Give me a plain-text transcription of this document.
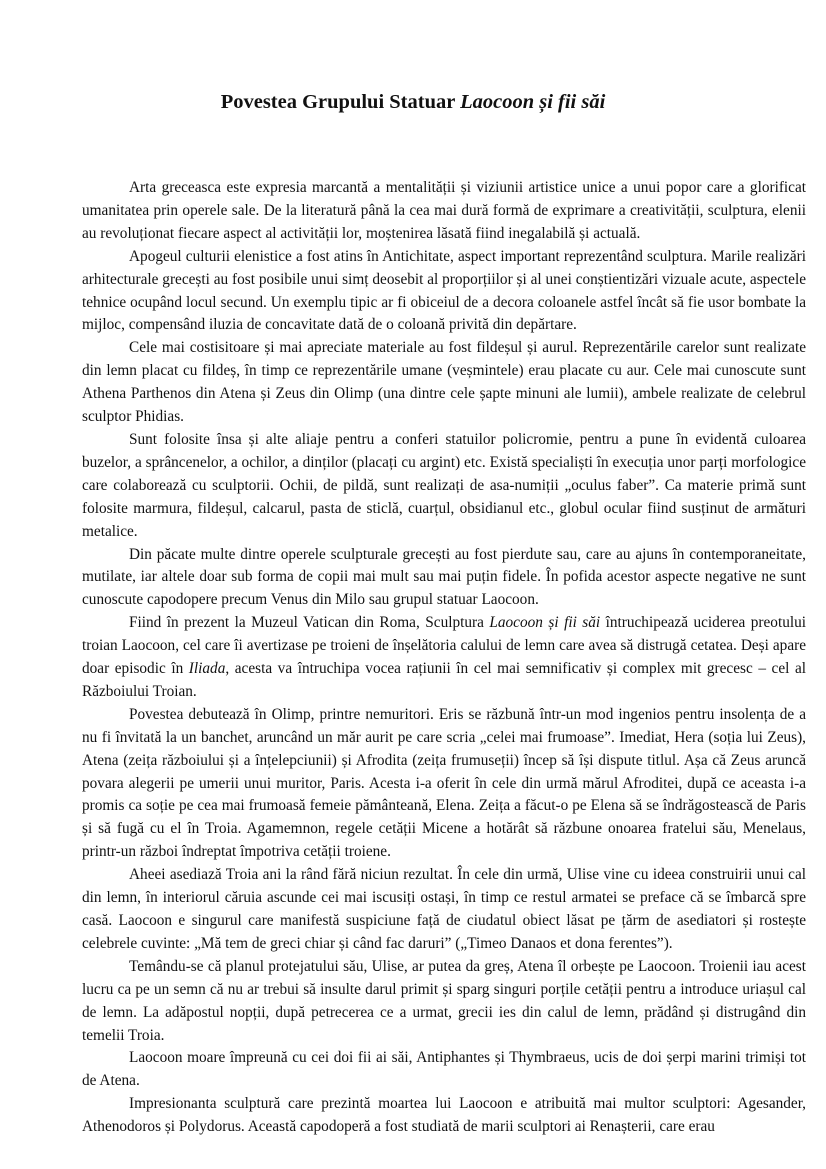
Povestea Grupului Statuar Laocoon și fii săi

Arta greceasca este expresia marcantă a mentalității și viziunii artistice unice a unui popor care a glorificat umanitatea prin operele sale. De la literatură până la cea mai dură formă de exprimare a creativității, sculptura, elenii au revoluționat fiecare aspect al activității lor, moștenirea lăsată fiind inegalabilă și actuală.

Apogeul culturii elenistice a fost atins în Antichitate, aspect important reprezentând sculptura. Marile realizări arhitecturale grecești au fost posibile unui simț deosebit al proporțiilor și al unei conștientizări vizuale acute, aspectele tehnice ocupând locul secund. Un exemplu tipic ar fi obiceiul de a decora coloanele astfel încât să fie usor bombate la mijloc, compensând iluzia de concavitate dată de o coloană privită din depărtare.

Cele mai costisitoare și mai apreciate materiale au fost fildeșul și aurul. Reprezentările carelor sunt realizate din lemn placat cu fildeș, în timp ce reprezentările umane (veșmintele) erau placate cu aur. Cele mai cunoscute sunt Athena Parthenos din Atena și Zeus din Olimp (una dintre cele șapte minuni ale lumii), ambele realizate de celebrul sculptor Phidias.

Sunt folosite însa și alte aliaje pentru a conferi statuilor policromie, pentru a pune în evidentă culoarea buzelor, a sprâncenelor, a ochilor, a dinților (placați cu argint) etc. Există specialiști în execuția unor parți morfologice care colaborează cu sculptorii. Ochii, de pildă, sunt realizați de asa-numiții „oculus faber”. Ca materie primă sunt folosite marmura, fildeșul, calcarul, pasta de sticlă, cuarțul, obsidianul etc., globul ocular fiind susținut de armături metalice.

Din păcate multe dintre operele sculpturale grecești au fost pierdute sau, care au ajuns în contemporaneitate, mutilate, iar altele doar sub forma de copii mai mult sau mai puțin fidele. În pofida acestor aspecte negative ne sunt cunoscute capodopere precum Venus din Milo sau grupul statuar Laocoon.

Fiind în prezent la Muzeul Vatican din Roma, Sculptura Laocoon și fii săi întruchipează uciderea preotului troian Laocoon, cel care îi avertizase pe troieni de înșelătoria calului de lemn care avea să distrugă cetatea. Deși apare doar episodic în Iliada, acesta va întruchipa vocea rațiunii în cel mai semnificativ și complex mit grecesc – cel al Războiului Troian.

Povestea debutează în Olimp, printre nemuritori. Eris se răzbună într-un mod ingenios pentru insolența de a nu fi învitată la un banchet, aruncând un măr aurit pe care scria „celei mai frumoase”. Imediat, Hera (soția lui Zeus), Atena (zeița războiului și a înțelepciunii) și Afrodita (zeița frumuseții) încep să își dispute titlul. Așa că Zeus aruncă povara alegerii pe umerii unui muritor, Paris. Acesta i-a oferit în cele din urmă mărul Afroditei, după ce aceasta i-a promis ca soție pe cea mai frumoasă femeie pământeană, Elena. Zeița a făcut-o pe Elena să se îndrăgostească de Paris și să fugă cu el în Troia. Agamemnon, regele cetății Micene a hotărât să răzbune onoarea fratelui său, Menelaus, printr-un război îndreptat împotriva cetății troiene.

Aheei asediază Troia ani la rând fără niciun rezultat. În cele din urmă, Ulise vine cu ideea construirii unui cal din lemn, în interiorul căruia ascunde cei mai iscusiți ostași, în timp ce restul armatei se preface că se îmbarcă spre casă. Laocoon e singurul care manifestă suspiciune față de ciudatul obiect lăsat pe țărm de asediatori și rostește celebrele cuvinte: „Mă tem de greci chiar și când fac daruri” („Timeo Danaos et dona ferentes”).

Temându-se că planul protejatului său, Ulise, ar putea da greș, Atena îl orbește pe Laocoon. Troienii iau acest lucru ca pe un semn că nu ar trebui să insulte darul primit și sparg singuri porțile cetății pentru a introduce uriașul cal de lemn. La adăpostul nopții, după petrecerea ce a urmat, grecii ies din calul de lemn, prădând și distrugând din temelii Troia.

Laocoon moare împreună cu cei doi fii ai săi, Antiphantes și Thymbraeus, ucis de doi șerpi marini trimiși tot de Atena.

Impresionanta sculptură care prezintă moartea lui Laocoon e atribuită mai multor sculptori: Agesander, Athenodoros și Polydorus. Această capodoperă a fost studiată de marii sculptori ai Renașterii, care erau
